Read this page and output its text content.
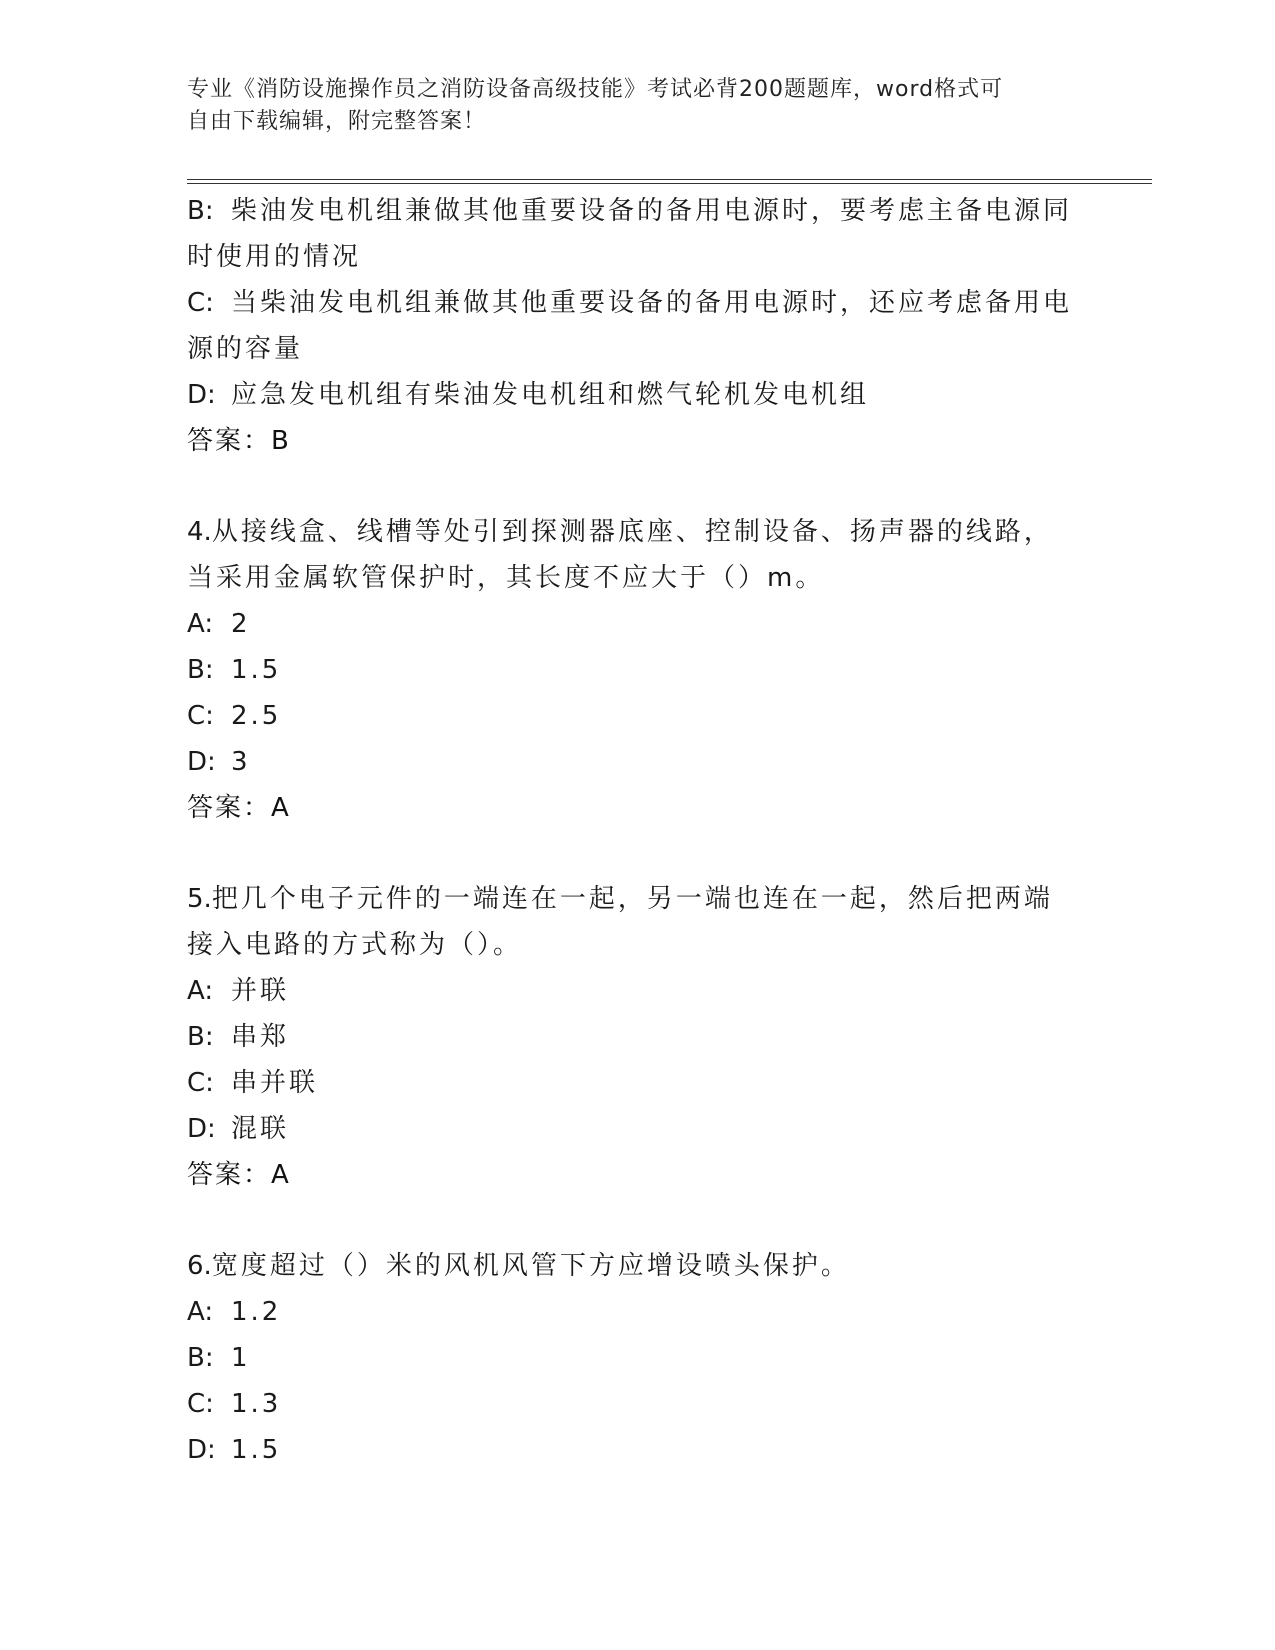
专业《消防设施操作员之消防设备高级技能》考试必背200题题库，word格式可
自由下载编辑，附完整答案！
B: 柴油发电机组兼做其他重要设备的备用电源时，要考虑主备电源同
时使用的情况
C: 当柴油发电机组兼做其他重要设备的备用电源时，还应考虑备用电
源的容量
D: 应急发电机组有柴油发电机组和燃气轮机发电机组
答案：B
4.从接线盒、线槽等处引到探测器底座、控制设备、扬声器的线路，
当采用金属软管保护时，其长度不应大于（）m。
A: 2
B: 1.5
C: 2.5
D: 3
答案：A
5.把几个电子元件的一端连在一起，另一端也连在一起，然后把两端
接入电路的方式称为（）。
A: 并联
B: 串郑
C: 串并联
D: 混联
答案：A
6.宽度超过（）米的风机风管下方应增设喷头保护。
A: 1.2
B: 1
C: 1.3
D: 1.5
